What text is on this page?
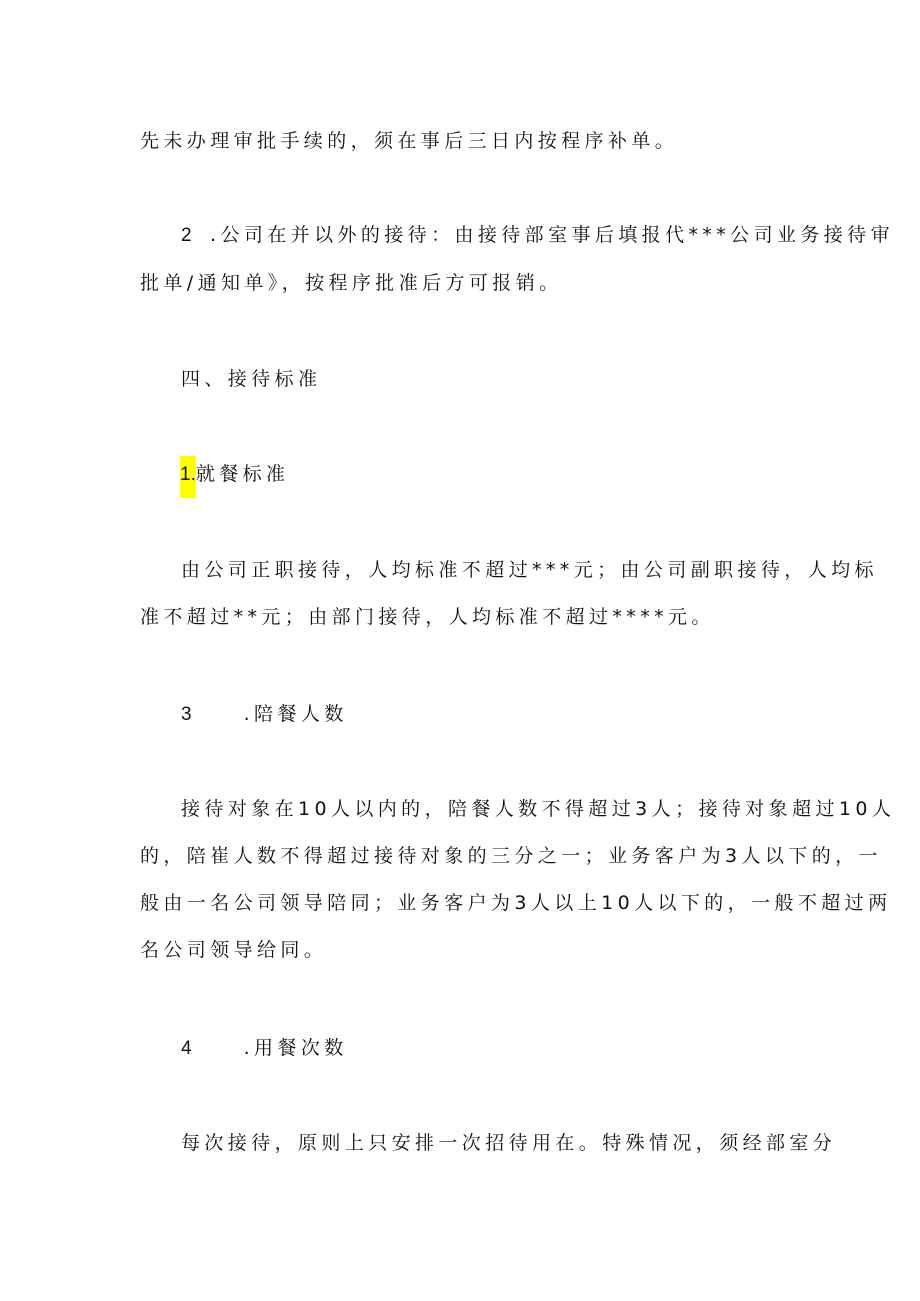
先未办理审批手续的，须在事后三日内按程序补单。
2 .公司在并以外的接待：由接待部室事后填报代***公司业务接待审
批单/通知单》，按程序批准后方可报销。
四、接待标准
1.就餐标准
由公司正职接待，人均标准不超过***元；由公司副职接待，人均标
准不超过**元；由部门接待，人均标准不超过****元。
3	.陪餐人数
接待对象在10人以内的，陪餐人数不得超过3人；接待对象超过10人
的，陪崔人数不得超过接待对象的三分之一；业务客户为3人以下的，一
般由一名公司领导陪同；业务客户为3人以上10人以下的，一般不超过两
名公司领导给同。
4	.用餐次数
每次接待，原则上只安排一次招待用在。特殊情况，须经部室分
